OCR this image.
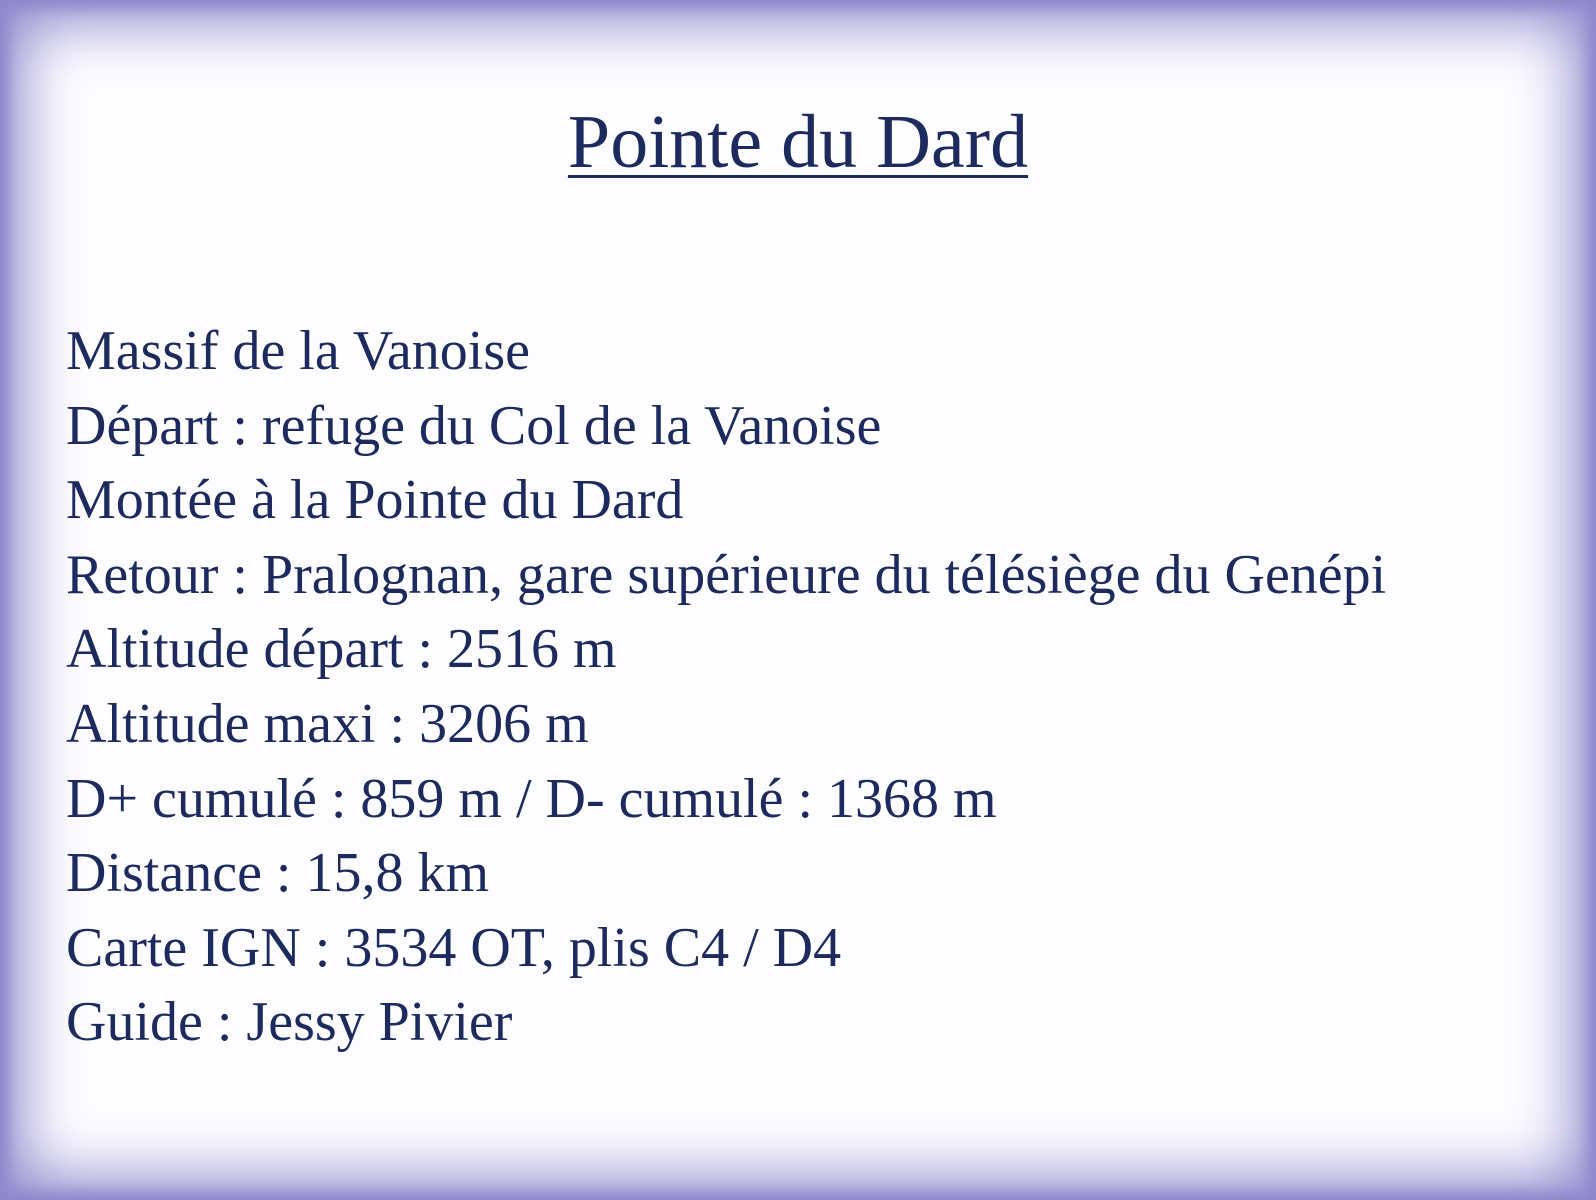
Pointe du Dard
Massif de la Vanoise
Départ : refuge du Col de la Vanoise
Montée à la Pointe du Dard
Retour : Pralognan, gare supérieure du télésiège du Genépi
Altitude départ : 2516 m
Altitude maxi : 3206 m
D+ cumulé : 859 m / D- cumulé : 1368 m
Distance : 15,8 km
Carte IGN : 3534 OT, plis C4 / D4
Guide : Jessy Pivier
